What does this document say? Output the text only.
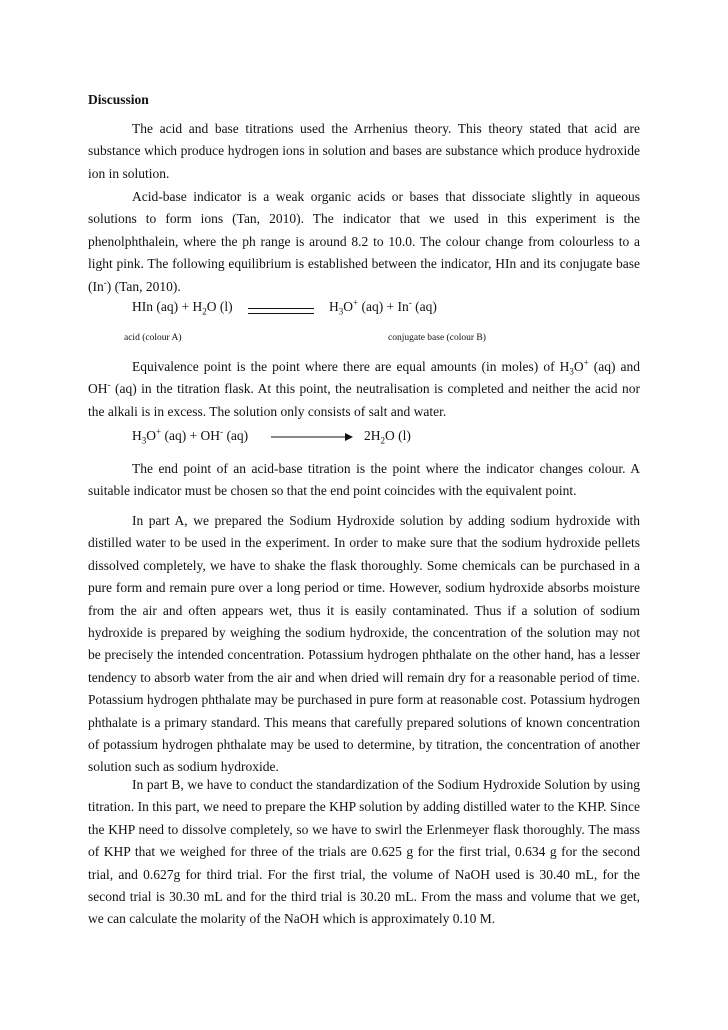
Discussion

The acid and base titrations used the Arrhenius theory. This theory stated that acid are substance which produce hydrogen ions in solution and bases are substance which produce hydroxide ion in solution.

Acid-base indicator is a weak organic acids or bases that dissociate slightly in aqueous solutions to form ions (Tan, 2010). The indicator that we used in this experiment is the phenolphthalein, where the ph range is around 8.2 to 10.0. The colour change from colourless to a light pink. The following equilibrium is established between the indicator, HIn and its conjugate base (In-) (Tan, 2010).

HIn $(aq) + H_2O$ (l)	$H_3O^+$ (aq) + In- (aq)
acid (colour A)	conjugate base (colour B)

Equivalence point is the point where there are equal amounts (in moles) of $H_3O^+$ (aq) and OH- (aq) in the titration flask. At this point, the neutralisation is completed and neither the acid nor the alkali is in excess. The solution only consists of salt and water.

$H_3O^+$ (aq) + OH- (aq)	$2H_2O$ (l)

The end point of an acid-base titration is the point where the indicator changes colour. A suitable indicator must be chosen so that the end point coincides with the equivalent point.

In part A, we prepared the Sodium Hydroxide solution by adding sodium hydroxide with distilled water to be used in the experiment. In order to make sure that the sodium hydroxide pellets dissolved completely, we have to shake the flask thoroughly. Some chemicals can be purchased in a pure form and remain pure over a long period or time. However, sodium hydroxide absorbs moisture from the air and often appears wet, thus it is easily contaminated. Thus if a solution of sodium hydroxide is prepared by weighing the sodium hydroxide, the concentration of the solution may not be precisely the intended concentration. Potassium hydrogen phthalate on the other hand, has a lesser tendency to absorb water from the air and when dried will remain dry for a reasonable period of time. Potassium hydrogen phthalate may be purchased in pure form at reasonable cost. Potassium hydrogen phthalate is a primary standard. This means that carefully prepared solutions of known concentration of potassium hydrogen phthalate may be used to determine, by titration, the concentration of another solution such as sodium hydroxide.

In part B, we have to conduct the standardization of the Sodium Hydroxide Solution by using titration. In this part, we need to prepare the KHP solution by adding distilled water to the KHP. Since the KHP need to dissolve completely, so we have to swirl the Erlenmeyer flask thoroughly. The mass of KHP that we weighed for three of the trials are 0.625 g for the first trial, 0.634 g for the second trial, and 0.627g for third trial. For the first trial, the volume of NaOH used is 30.40 mL, for the second trial is 30.30 mL and for the third trial is 30.20 mL. From the mass and volume that we get, we can calculate the molarity of the NaOH which is approximately 0.10 M.
